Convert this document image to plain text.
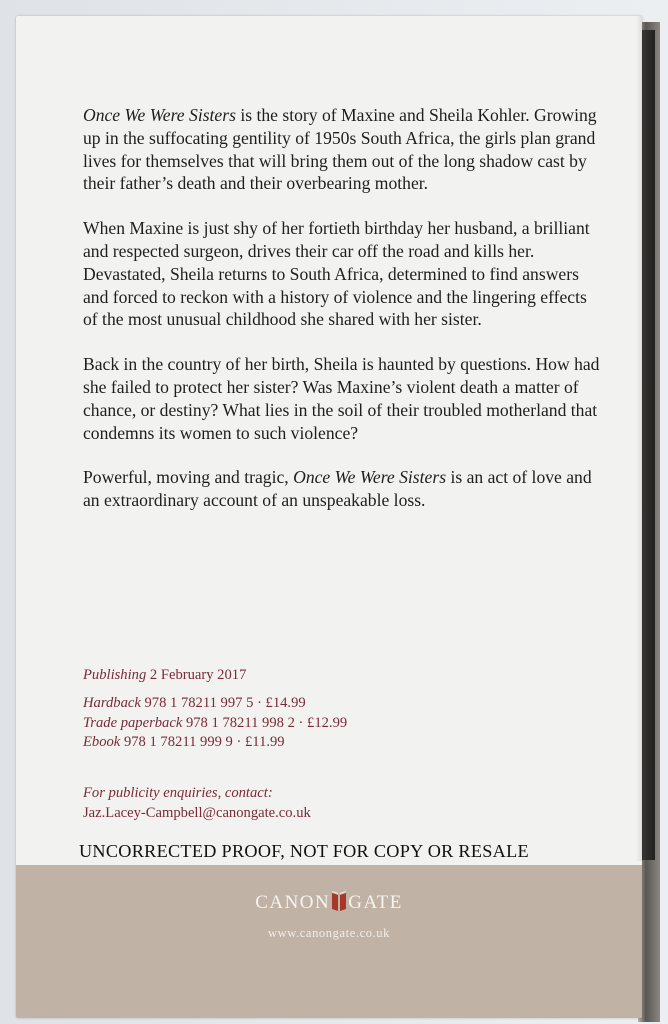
Once We Were Sisters is the story of Maxine and Sheila Kohler. Growing up in the suffocating gentility of 1950s South Africa, the girls plan grand lives for themselves that will bring them out of the long shadow cast by their father’s death and their overbearing mother.

When Maxine is just shy of her fortieth birthday her husband, a brilliant and respected surgeon, drives their car off the road and kills her. Devastated, Sheila returns to South Africa, determined to find answers and forced to reckon with a history of violence and the lingering effects of the most unusual childhood she shared with her sister.

Back in the country of her birth, Sheila is haunted by questions. How had she failed to protect her sister? Was Maxine’s violent death a matter of chance, or destiny? What lies in the soil of their troubled motherland that condemns its women to such violence?

Powerful, moving and tragic, Once We Were Sisters is an act of love and an extraordinary account of an unspeakable loss.

Publishing 2 February 2017
Hardback 978 1 78211 997 5 · £14.99
Trade paperback 978 1 78211 998 2 · £12.99
Ebook 978 1 78211 999 9 · £11.99
For publicity enquiries, contact:
Jaz.Lacey-Campbell@canongate.co.uk
CANON GATE
www.canongate.co.uk
UNCORRECTED PROOF, NOT FOR COPY OR RESALE
